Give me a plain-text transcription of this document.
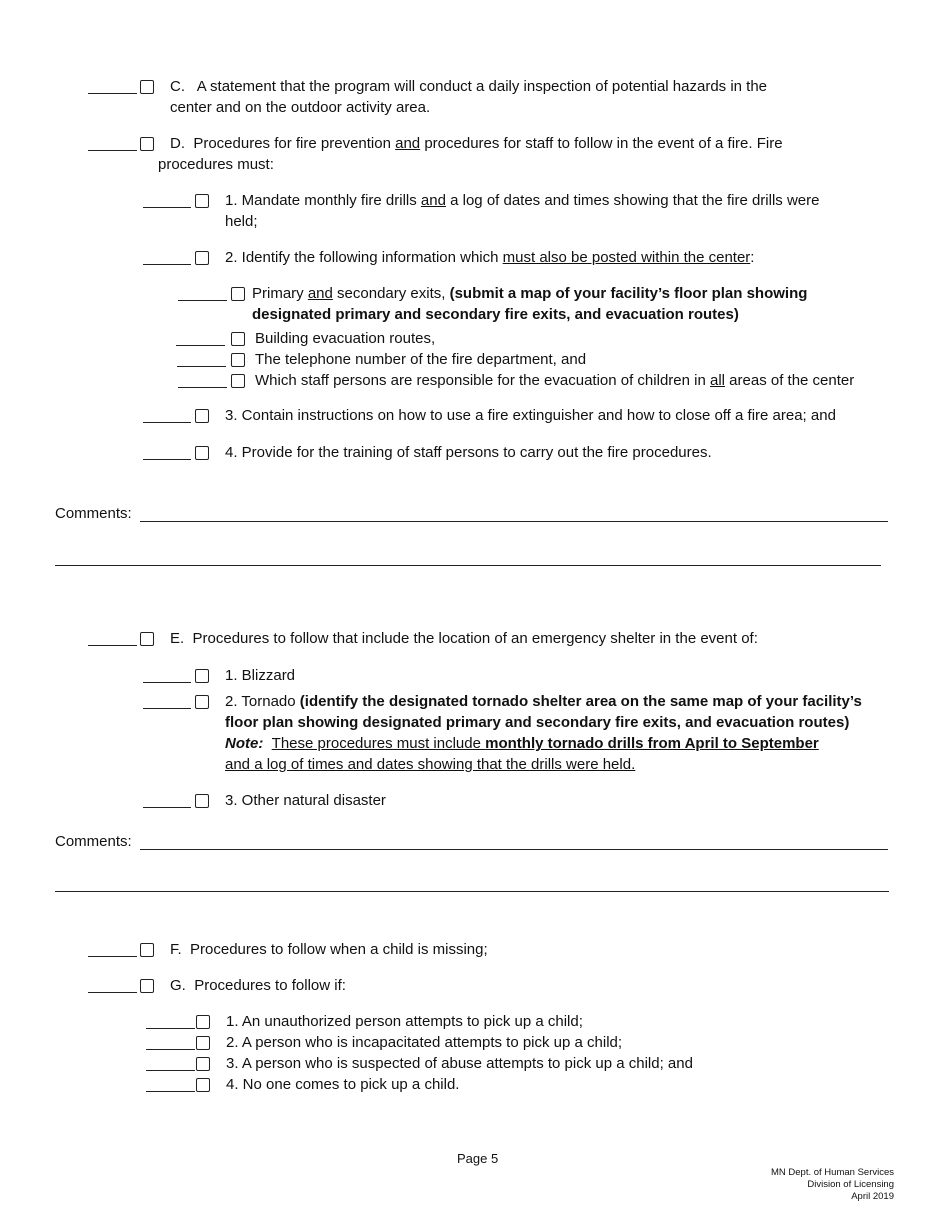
C. A statement that the program will conduct a daily inspection of potential hazards in the
center and on the outdoor activity area.
D. Procedures for fire prevention and procedures for staff to follow in the event of a fire. Fire
procedures must:
1. Mandate monthly fire drills and a log of dates and times showing that the fire drills were
held;
2. Identify the following information which must also be posted within the center:
Primary and secondary exits, (submit a map of your facility’s floor plan showing
designated primary and secondary fire exits, and evacuation routes)
Building evacuation routes,
The telephone number of the fire department, and
Which staff persons are responsible for the evacuation of children in all areas of the center
3. Contain instructions on how to use a fire extinguisher and how to close off a fire area; and
4. Provide for the training of staff persons to carry out the fire procedures.
Comments:
E. Procedures to follow that include the location of an emergency shelter in the event of:
1. Blizzard
2. Tornado (identify the designated tornado shelter area on the same map of your facility’s
floor plan showing designated primary and secondary fire exits, and evacuation routes)
Note: These procedures must include monthly tornado drills from April to September
and a log of times and dates showing that the drills were held.
3. Other natural disaster
Comments:
F. Procedures to follow when a child is missing;
G. Procedures to follow if:
1. An unauthorized person attempts to pick up a child;
2. A person who is incapacitated attempts to pick up a child;
3. A person who is suspected of abuse attempts to pick up a child; and
4. No one comes to pick up a child.
Page 5
MN Dept. of Human Services
Division of Licensing
April 2019
